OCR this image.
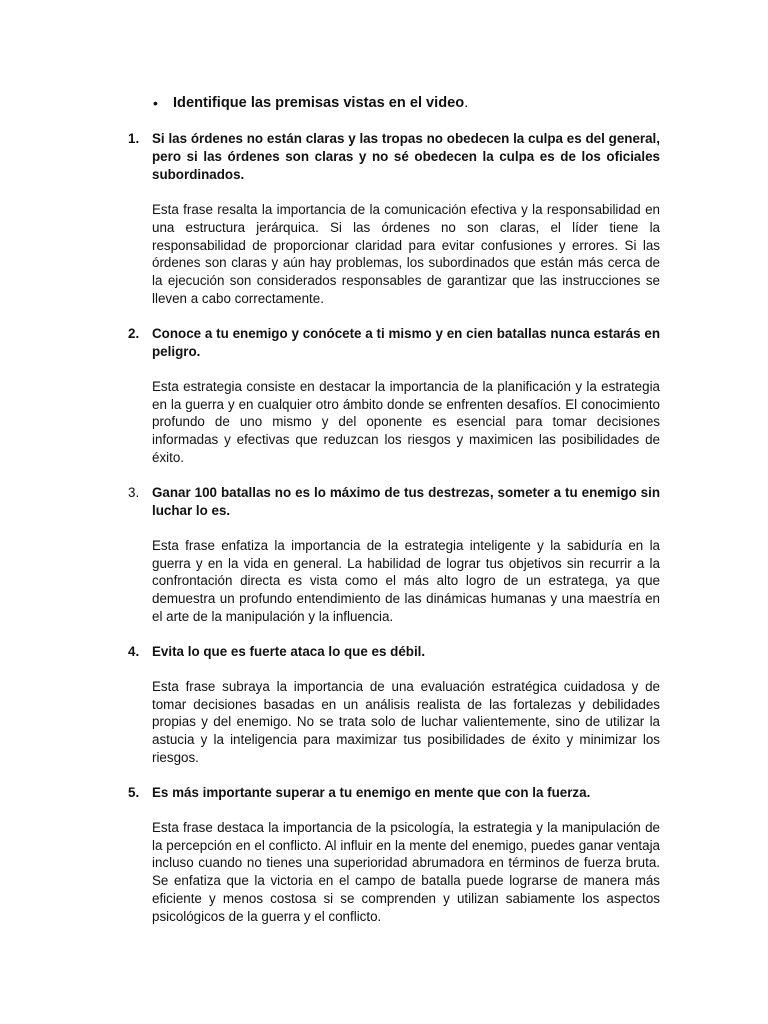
• Identifique las premisas vistas en el video.
1. Si las órdenes no están claras y las tropas no obedecen la culpa es del general, pero si las órdenes son claras y no sé obedecen la culpa es de los oficiales subordinados.
Esta frase resalta la importancia de la comunicación efectiva y la responsabilidad en una estructura jerárquica. Si las órdenes no son claras, el líder tiene la responsabilidad de proporcionar claridad para evitar confusiones y errores. Si las órdenes son claras y aún hay problemas, los subordinados que están más cerca de la ejecución son considerados responsables de garantizar que las instrucciones se lleven a cabo correctamente.
2. Conoce a tu enemigo y conócete a ti mismo y en cien batallas nunca estarás en peligro.
Esta estrategia consiste en destacar la importancia de la planificación y la estrategia en la guerra y en cualquier otro ámbito donde se enfrenten desafíos. El conocimiento profundo de uno mismo y del oponente es esencial para tomar decisiones informadas y efectivas que reduzcan los riesgos y maximicen las posibilidades de éxito.
3. Ganar 100 batallas no es lo máximo de tus destrezas, someter a tu enemigo sin luchar lo es.
Esta frase enfatiza la importancia de la estrategia inteligente y la sabiduría en la guerra y en la vida en general. La habilidad de lograr tus objetivos sin recurrir a la confrontación directa es vista como el más alto logro de un estratega, ya que demuestra un profundo entendimiento de las dinámicas humanas y una maestría en el arte de la manipulación y la influencia.
4. Evita lo que es fuerte ataca lo que es débil.
Esta frase subraya la importancia de una evaluación estratégica cuidadosa y de tomar decisiones basadas en un análisis realista de las fortalezas y debilidades propias y del enemigo. No se trata solo de luchar valientemente, sino de utilizar la astucia y la inteligencia para maximizar tus posibilidades de éxito y minimizar los riesgos.
5. Es más importante superar a tu enemigo en mente que con la fuerza.
Esta frase destaca la importancia de la psicología, la estrategia y la manipulación de la percepción en el conflicto. Al influir en la mente del enemigo, puedes ganar ventaja incluso cuando no tienes una superioridad abrumadora en términos de fuerza bruta. Se enfatiza que la victoria en el campo de batalla puede lograrse de manera más eficiente y menos costosa si se comprenden y utilizan sabiamente los aspectos psicológicos de la guerra y el conflicto.
